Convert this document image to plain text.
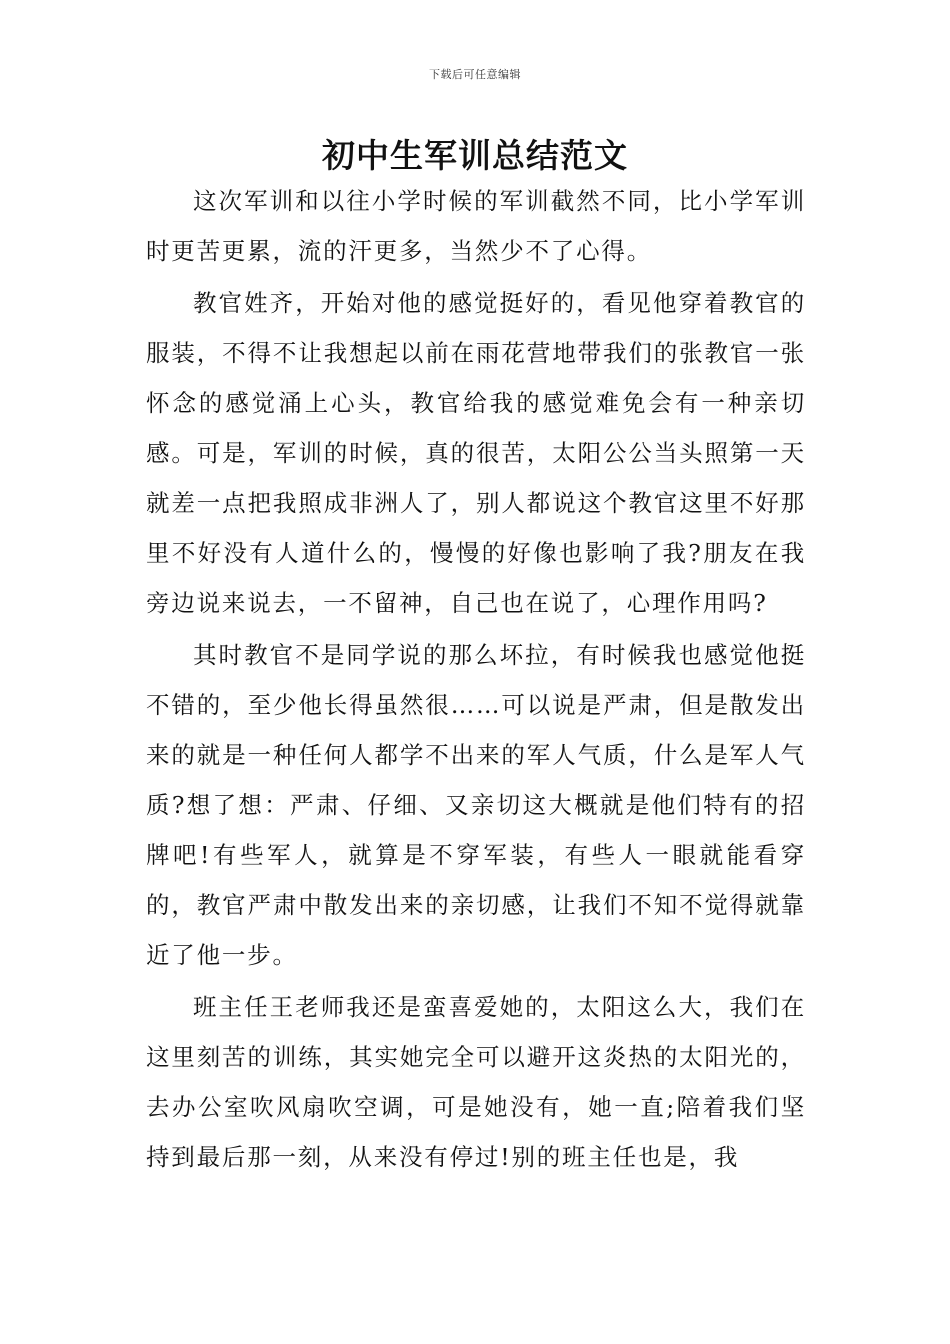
下载后可任意编辑
初中生军训总结范文

这次军训和以往小学时候的军训截然不同，比小学军训时更苦更累，流的汗更多，当然少不了心得。

教官姓齐，开始对他的感觉挺好的，看见他穿着教官的服装，不得不让我想起以前在雨花营地带我们的张教官一张怀念的感觉涌上心头，教官给我的感觉难免会有一种亲切感。可是，军训的时候，真的很苦，太阳公公当头照第一天就差一点把我照成非洲人了，别人都说这个教官这里不好那里不好没有人道什么的，慢慢的好像也影响了我?朋友在我旁边说来说去，一不留神，自己也在说了，心理作用吗?

其时教官不是同学说的那么坏拉，有时候我也感觉他挺不错的，至少他长得虽然很……可以说是严肃，但是散发出来的就是一种任何人都学不出来的军人气质，什么是军人气质?想了想：严肃、仔细、又亲切这大概就是他们特有的招牌吧!有些军人，就算是不穿军装，有些人一眼就能看穿的，教官严肃中散发出来的亲切感，让我们不知不觉得就靠近了他一步。

班主任王老师我还是蛮喜爱她的，太阳这么大，我们在这里刻苦的训练，其实她完全可以避开这炎热的太阳光的，去办公室吹风扇吹空调，可是她没有，她一直;陪着我们坚持到最后那一刻，从来没有停过!别的班主任也是，我
